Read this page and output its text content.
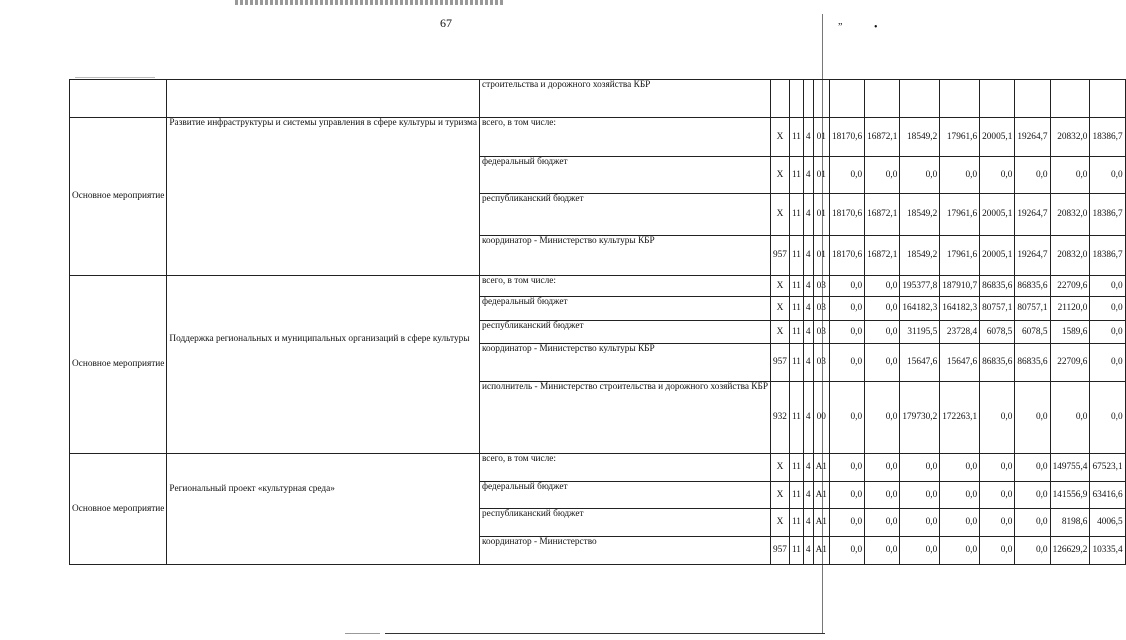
67	”	•
		строительства и дорожного хозяйства КБР												
Основное мероприятие	Развитие инфраструктуры и системы управления в сфере культуры и туризма	всего, в том числе:	X	11	4	01	18170,6	16872,1	18549,2	17961,6	20005,1	19264,7	20832,0	18386,7
		федеральный бюджет	X	11	4	01	0,0	0,0	0,0	0,0	0,0	0,0	0,0	0,0
		республиканский бюджет	X	11	4	01	18170,6	16872,1	18549,2	17961,6	20005,1	19264,7	20832,0	18386,7
		координатор - Министерство культуры КБР	957	11	4	01	18170,6	16872,1	18549,2	17961,6	20005,1	19264,7	20832,0	18386,7
Основное мероприятие	Поддержка региональных и муниципальных организаций в сфере культуры	всего, в том числе:	X	11	4	03	0,0	0,0	195377,8	187910,7	86835,6	86835,6	22709,6	0,0
		федеральный бюджет	X	11	4	03	0,0	0,0	164182,3	164182,3	80757,1	80757,1	21120,0	0,0
		республиканский бюджет	X	11	4	03	0,0	0,0	31195,5	23728,4	6078,5	6078,5	1589,6	0,0
		координатор - Министерство культуры КБР	957	11	4	03	0,0	0,0	15647,6	15647,6	86835,6	86835,6	22709,6	0,0
		исполнитель - Министерство строительства и дорожного хозяйства КБР	932	11	4	00	0,0	0,0	179730,2	172263,1	0,0	0,0	0,0	0,0
Основное мероприятие	Региональный проект «культурная среда»	всего, в том числе:	X	11	4	A1	0,0	0,0	0,0	0,0	0,0	0,0	149755,4	67523,1
		федеральный бюджет	X	11	4	A1	0,0	0,0	0,0	0,0	0,0	0,0	141556,9	63416,6
		республиканский бюджет	X	11	4	A1	0,0	0,0	0,0	0,0	0,0	0,0	8198,6	4006,5
		координатор - Министерство	957	11	4	A1	0,0	0,0	0,0	0,0	0,0	0,0	126629,2	10335,4
